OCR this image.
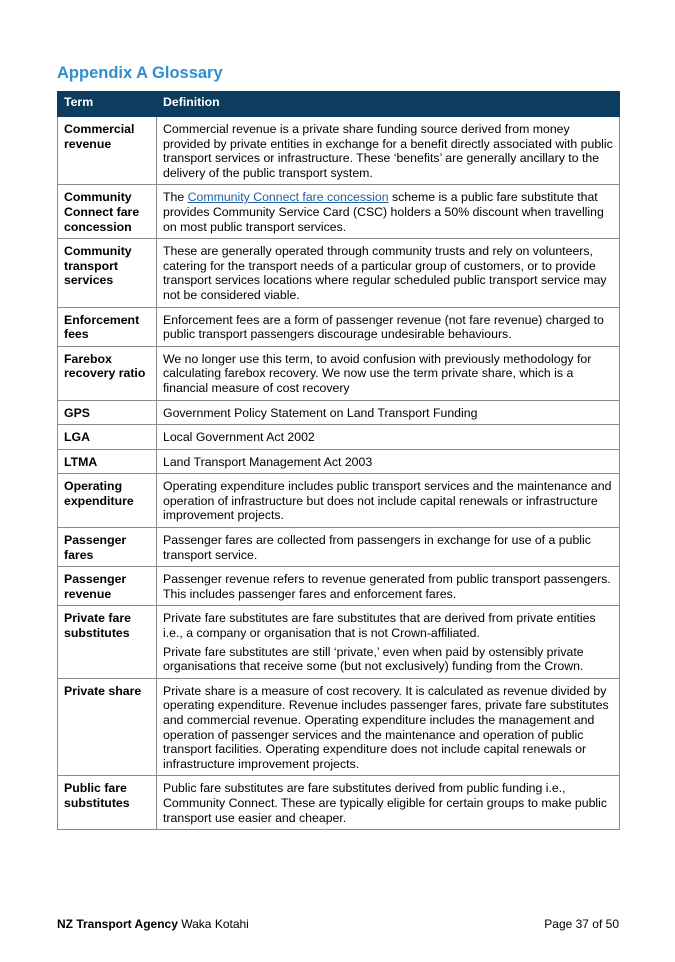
Appendix A Glossary
Term	Definition
Commercial revenue	Commercial revenue is a private share funding source derived from money provided by private entities in exchange for a benefit directly associated with public transport services or infrastructure. These ‘benefits’ are generally ancillary to the delivery of the public transport system.
Community Connect fare concession	The Community Connect fare concession scheme is a public fare substitute that provides Community Service Card (CSC) holders a 50% discount when travelling on most public transport services.
Community transport services	These are generally operated through community trusts and rely on volunteers, catering for the transport needs of a particular group of customers, or to provide transport services locations where regular scheduled public transport service may not be considered viable.
Enforcement fees	Enforcement fees are a form of passenger revenue (not fare revenue) charged to public transport passengers discourage undesirable behaviours.
Farebox recovery ratio	We no longer use this term, to avoid confusion with previously methodology for calculating farebox recovery. We now use the term private share, which is a financial measure of cost recovery
GPS	Government Policy Statement on Land Transport Funding
LGA	Local Government Act 2002
LTMA	Land Transport Management Act 2003
Operating expenditure	Operating expenditure includes public transport services and the maintenance and operation of infrastructure but does not include capital renewals or infrastructure improvement projects.
Passenger fares	Passenger fares are collected from passengers in exchange for use of a public transport service.
Passenger revenue	Passenger revenue refers to revenue generated from public transport passengers. This includes passenger fares and enforcement fares.
Private fare substitutes	Private fare substitutes are fare substitutes that are derived from private entities i.e., a company or organisation that is not Crown-affiliated.
Private fare substitutes are still ‘private,’ even when paid by ostensibly private organisations that receive some (but not exclusively) funding from the Crown.

Private share	Private share is a measure of cost recovery. It is calculated as revenue divided by operating expenditure. Revenue includes passenger fares, private fare substitutes and commercial revenue. Operating expenditure includes the management and operation of passenger services and the maintenance and operation of public transport facilities. Operating expenditure does not include capital renewals or infrastructure improvement projects.
Public fare substitutes	Public fare substitutes are fare substitutes derived from public funding i.e., Community Connect. These are typically eligible for certain groups to make public transport use easier and cheaper.
NZ Transport Agency Waka Kotahi	Page 37 of 50
